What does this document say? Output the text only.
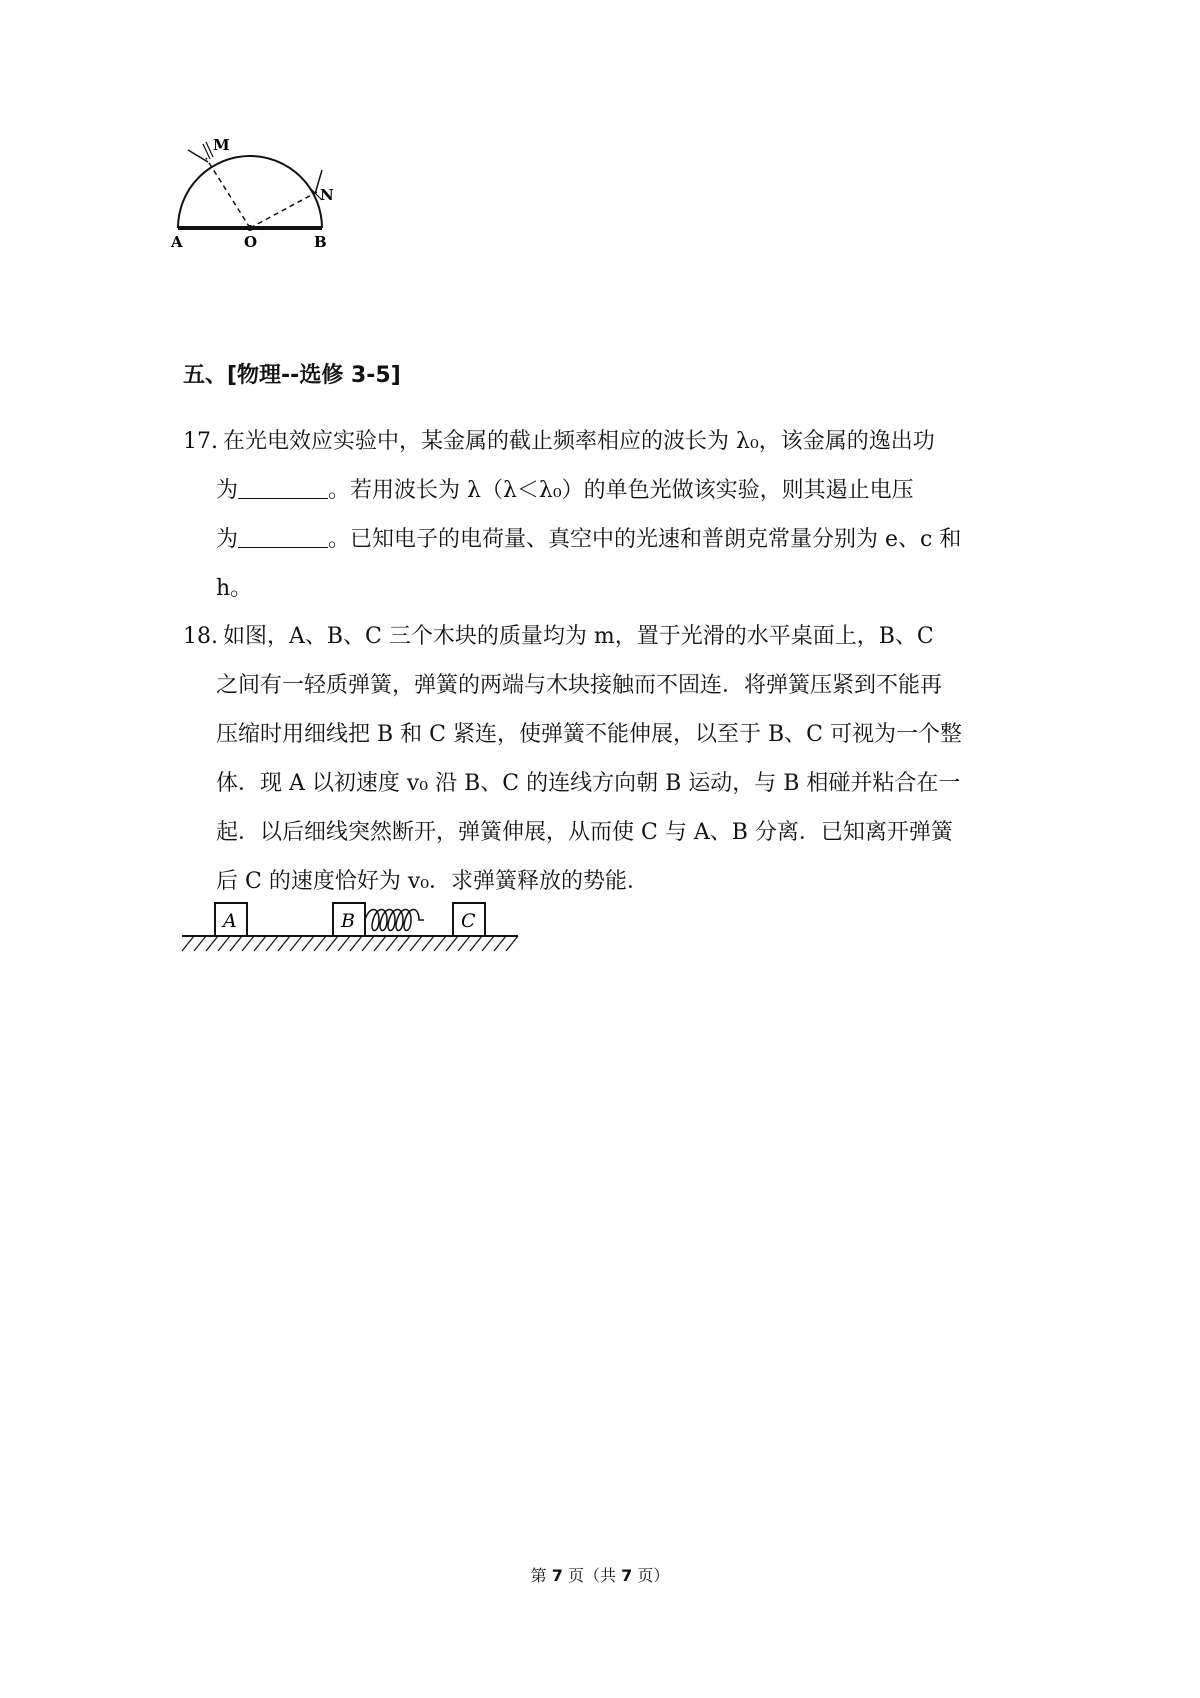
M
N
A	O	B
五、[物理--选修 3-5]
17. 在光电效应实验中，某金属的截止频率相应的波长为 λ₀，该金属的逸出功
为	。若用波长为 λ（λ＜λ₀）的单色光做该实验，则其遏止电压
为	。已知电子的电荷量、真空中的光速和普朗克常量分别为 e、c 和
h。
18. 如图，A、B、C 三个木块的质量均为 m，置于光滑的水平桌面上，B、C
之间有一轻质弹簧，弹簧的两端与木块接触而不固连．将弹簧压紧到不能再
压缩时用细线把 B 和 C 紧连，使弹簧不能伸展，以至于 B、C 可视为一个整
体．现 A 以初速度 v₀ 沿 B、C 的连线方向朝 B 运动，与 B 相碰并粘合在一
起．以后细线突然断开，弹簧伸展，从而使 C 与 A、B 分离．已知离开弹簧
后 C 的速度恰好为 v₀．求弹簧释放的势能．
A	B	C
第 7 页（共 7 页）
